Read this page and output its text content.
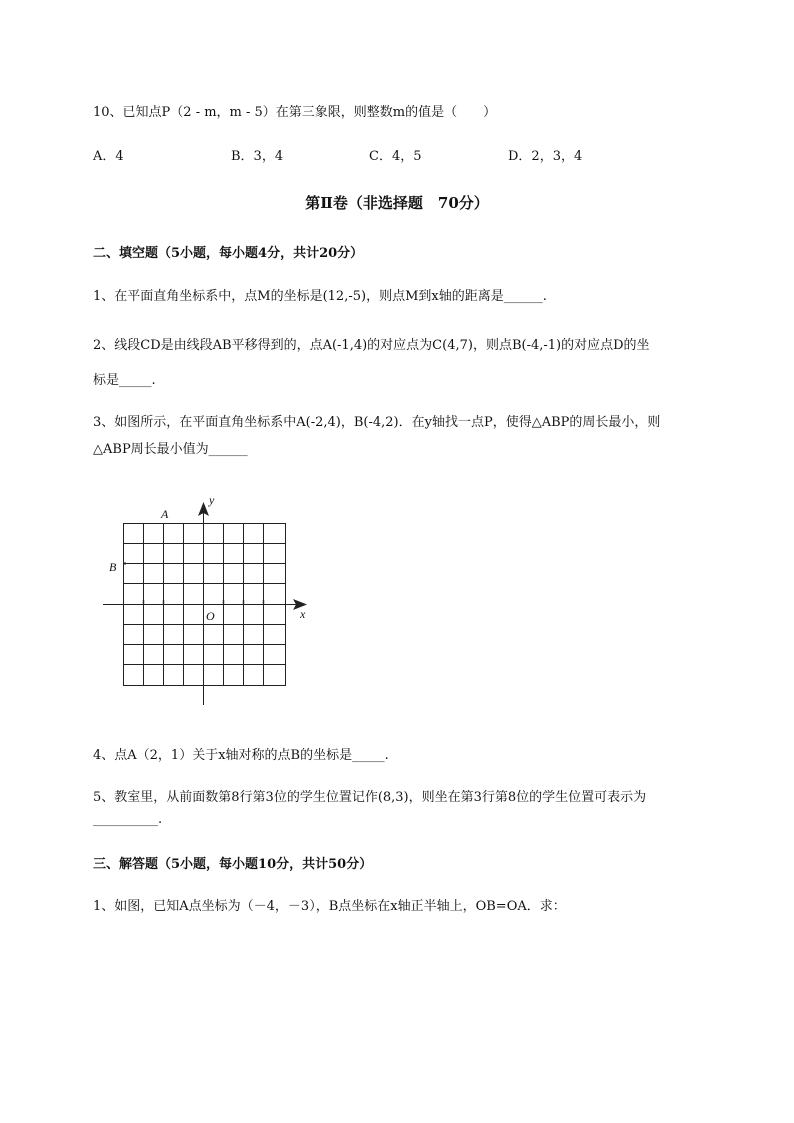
10、已知点P（2 - m，m - 5）在第三象限，则整数m的值是（　　）
A．4	B．3，4	C．4，5	D．2，3，4
第Ⅱ卷（非选择题　70分）
二、填空题（5小题，每小题4分，共计20分）
1、在平面直角坐标系中，点M的坐标是(12,-5)，则点M到x轴的距离是______.
2、线段CD是由线段AB平移得到的，点A(-1,4)的对应点为C(4,7)，则点B(-4,-1)的对应点D的坐
标是_____.
3、如图所示，在平面直角坐标系中A(-2,4)，B(-4,2)．在y轴找一点P，使得△ABP的周长最小，则
△ABP周长最小值为______
A
B
O	x
y
4、点A（2，1）关于x轴对称的点B的坐标是_____.
5、教室里，从前面数第8行第3位的学生位置记作(8,3)，则坐在第3行第8位的学生位置可表示为
__________.
三、解答题（5小题，每小题10分，共计50分）
1、如图，已知A点坐标为（－4，－3），B点坐标在x轴正半轴上，OB=OA．求：
